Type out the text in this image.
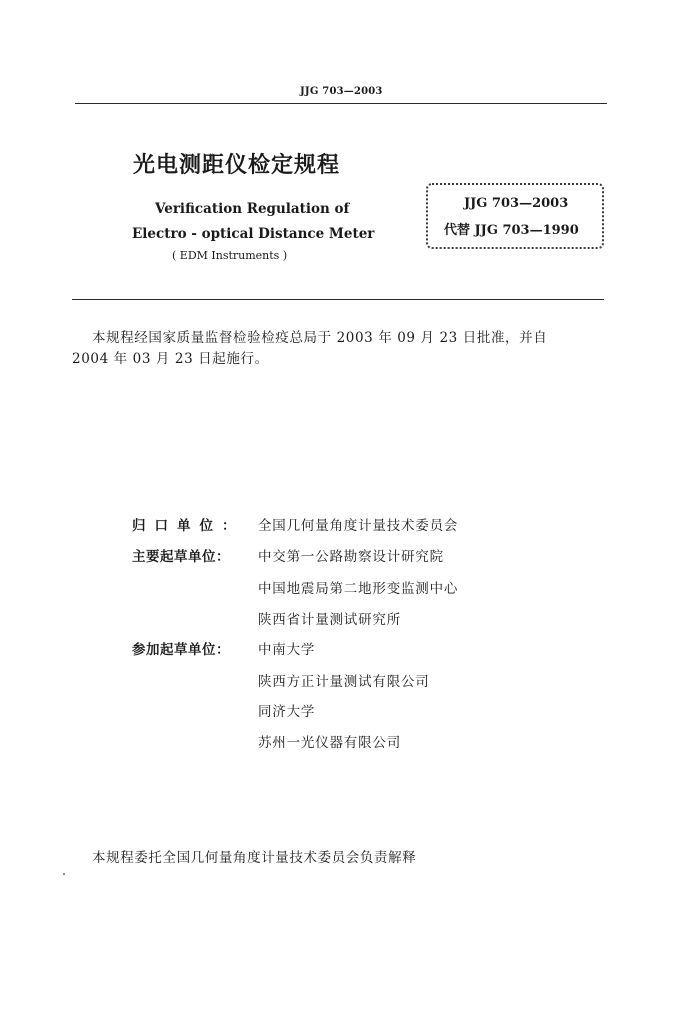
JJG 703—2003
光电测距仪检定规程
Verification Regulation of
Electro - optical Distance Meter
( EDM Instruments )
JJG 703—2003
代替 JJG 703—1990
本规程经国家质量监督检验检疫总局于 2003 年 09 月 23 日批准，并自
2004 年 03 月 23 日起施行。
归口单位： 全国几何量角度计量技术委员会
主要起草单位： 中交第一公路勘察设计研究院
中国地震局第二地形变监测中心
陕西省计量测试研究所
参加起草单位： 中南大学
陕西方正计量测试有限公司
同济大学
苏州一光仪器有限公司
本规程委托全国几何量角度计量技术委员会负责解释
